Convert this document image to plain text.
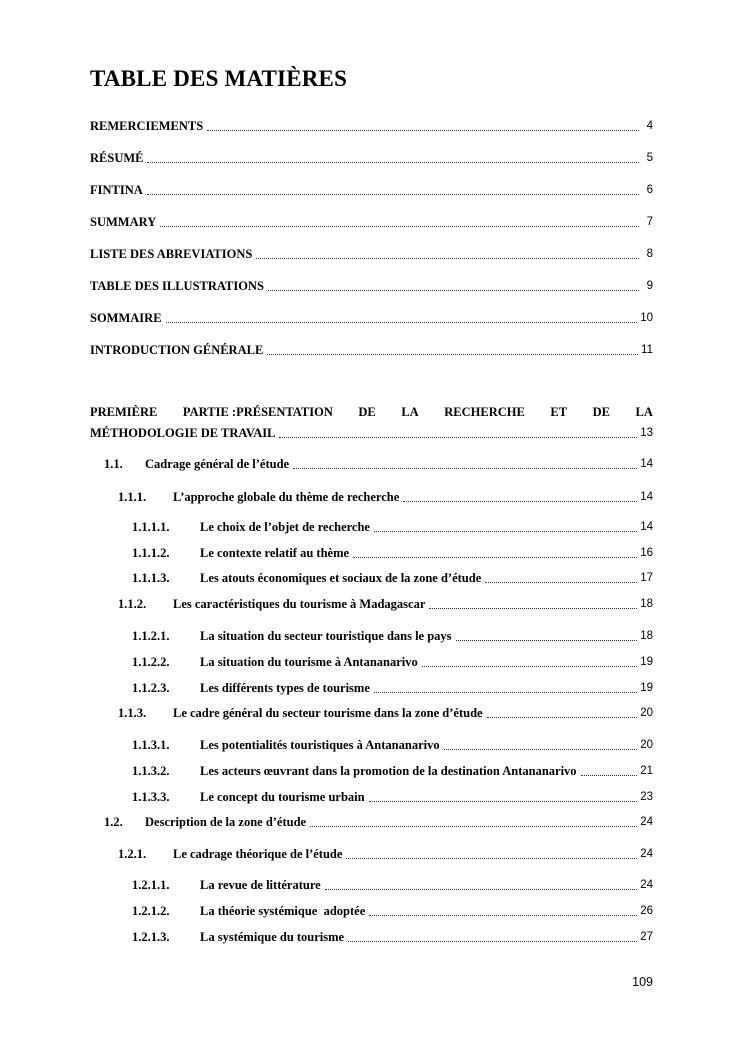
TABLE DES MATIÈRES
REMERCIEMENTS	4
RÉSUMÉ	5
FINTINA	6
SUMMARY	7
LISTE DES ABREVIATIONS	8
TABLE DES ILLUSTRATIONS	9
SOMMAIRE	10
INTRODUCTION GÉNÉRALE	11
PREMIÈRE PARTIE :PRÉSENTATION DE LA RECHERCHE ET DE LA
MÉTHODOLOGIE DE TRAVAIL	13
1.1.	Cadrage général de l’étude	14
1.1.1.	L’approche globale du thème de recherche	14
1.1.1.1.	Le choix de l’objet de recherche	14
1.1.1.2.	Le contexte relatif au thème	16
1.1.1.3.	Les atouts économiques et sociaux de la zone d’étude	17
1.1.2.	Les caractéristiques du tourisme à Madagascar	18
1.1.2.1.	La situation du secteur touristique dans le pays	18
1.1.2.2.	La situation du tourisme à Antananarivo	19
1.1.2.3.	Les différents types de tourisme	19
1.1.3.	Le cadre général du secteur tourisme dans la zone d’étude	20
1.1.3.1.	Les potentialités touristiques à Antananarivo	20
1.1.3.2.	Les acteurs œuvrant dans la promotion de la destination Antananarivo	21
1.1.3.3.	Le concept du tourisme urbain	23
1.2.	Description de la zone d’étude	24
1.2.1.	Le cadrage théorique de l’étude	24
1.2.1.1.	La revue de littérature	24
1.2.1.2.	La théorie systémique  adoptée	26
1.2.1.3.	La systémique du tourisme	27
109
